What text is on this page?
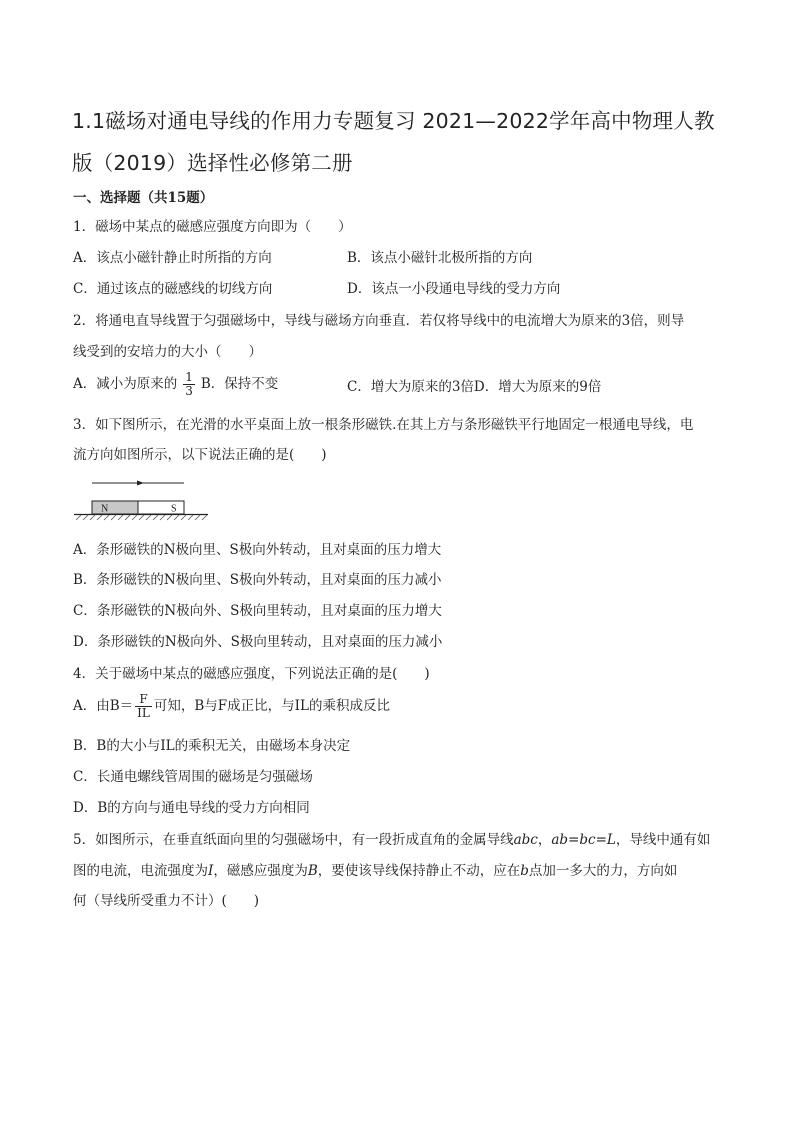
1.1磁场对通电导线的作用力专题复习 2021—2022学年高中物理人教版（2019）选择性必修第二册
一、选择题（共15题）
1．磁场中某点的磁感应强度方向即为（　　）
A．该点小磁针静止时所指的方向	B．该点小磁针北极所指的方向
C．通过该点的磁感线的切线方向	D．该点一小段通电导线的受力方向
2．将通电直导线置于匀强磁场中，导线与磁场方向垂直．若仅将导线中的电流增大为原来的3倍，则导
线受到的安培力的大小（　　）
A．减小为原来的 $\frac{1}{3}$ B．保持不变	C．增大为原来的3倍D．增大为原来的9倍
3．如下图所示，在光滑的水平桌面上放一根条形磁铁.在其上方与条形磁铁平行地固定一根通电导线，电
流方向如图所示，以下说法正确的是(　　)
N	S
A．条形磁铁的N极向里、S极向外转动，且对桌面的压力增大
B．条形磁铁的N极向里、S极向外转动，且对桌面的压力减小
C．条形磁铁的N极向外、S极向里转动，且对桌面的压力增大
D．条形磁铁的N极向外、S极向里转动，且对桌面的压力减小
4．关于磁场中某点的磁感应强度，下列说法正确的是(　　)
A．由$B= \frac{F}{IL}$ 可知，B与F成正比，与IL的乘积成反比
B．B的大小与IL的乘积无关，由磁场本身决定
C．长通电螺线管周围的磁场是匀强磁场
D．B的方向与通电导线的受力方向相同
5．如图所示，在垂直纸面向里的匀强磁场中，有一段折成直角的金属导线abc，ab=bc=L，导线中通有如
图的电流，电流强度为I，磁感应强度为B，要使该导线保持静止不动，应在b点加一多大的力，方向如
何（导线所受重力不计）(　　)
